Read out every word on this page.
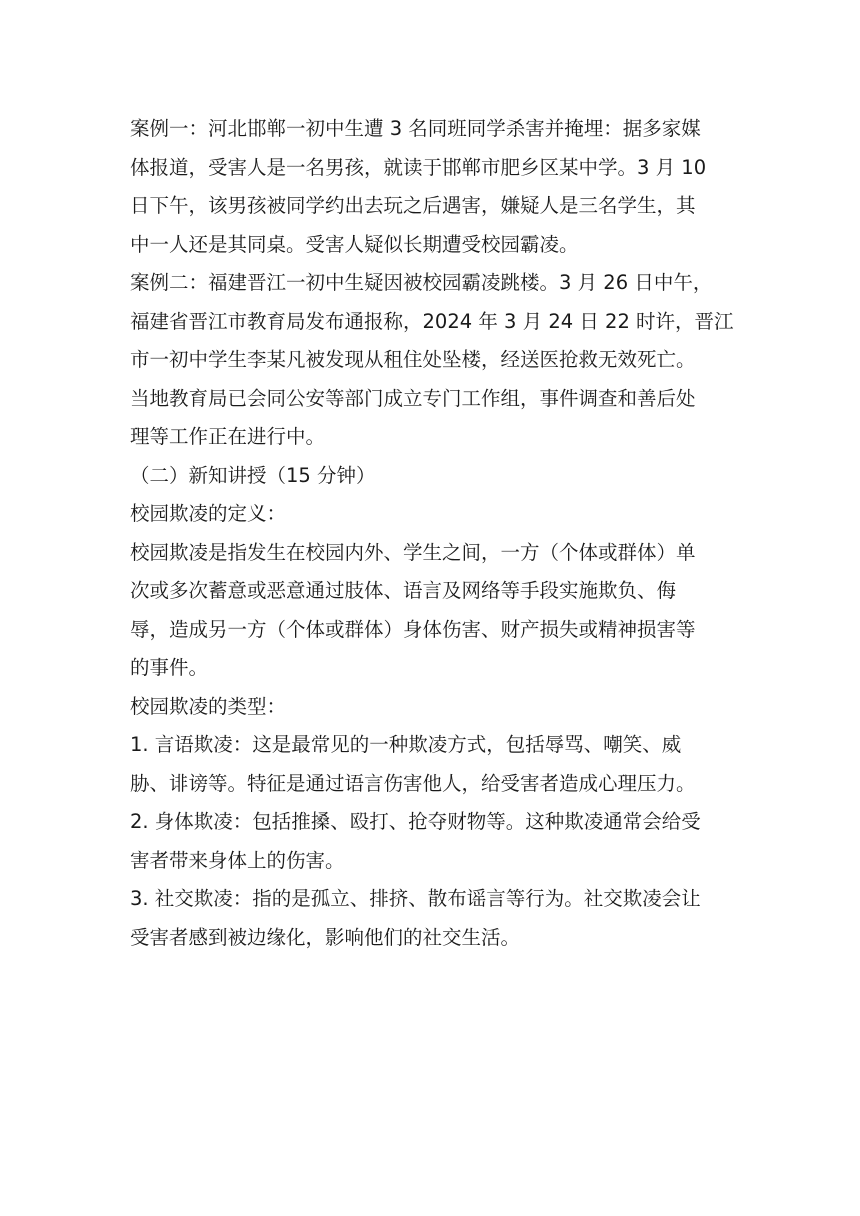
案例一：河北邯郸一初中生遭 3 名同班同学杀害并掩埋：据多家媒
体报道，受害人是一名男孩，就读于邯郸市肥乡区某中学。3 月 10
日下午，该男孩被同学约出去玩之后遇害，嫌疑人是三名学生，其
中一人还是其同桌。受害人疑似长期遭受校园霸凌。
案例二：福建晋江一初中生疑因被校园霸凌跳楼。3 月 26 日中午，
福建省晋江市教育局发布通报称，2024 年 3 月 24 日 22 时许，晋江
市一初中学生李某凡被发现从租住处坠楼，经送医抢救无效死亡。
当地教育局已会同公安等部门成立专门工作组，事件调查和善后处
理等工作正在进行中。
（二）新知讲授（15 分钟）
校园欺凌的定义：
校园欺凌是指发生在校园内外、学生之间，一方（个体或群体）单
次或多次蓄意或恶意通过肢体、语言及网络等手段实施欺负、侮
辱，造成另一方（个体或群体）身体伤害、财产损失或精神损害等
的事件。
校园欺凌的类型：
1. 言语欺凌：这是最常见的一种欺凌方式，包括辱骂、嘲笑、威
胁、诽谤等。特征是通过语言伤害他人，给受害者造成心理压力。
2. 身体欺凌：包括推搡、殴打、抢夺财物等。这种欺凌通常会给受
害者带来身体上的伤害。
3. 社交欺凌：指的是孤立、排挤、散布谣言等行为。社交欺凌会让
受害者感到被边缘化，影响他们的社交生活。
